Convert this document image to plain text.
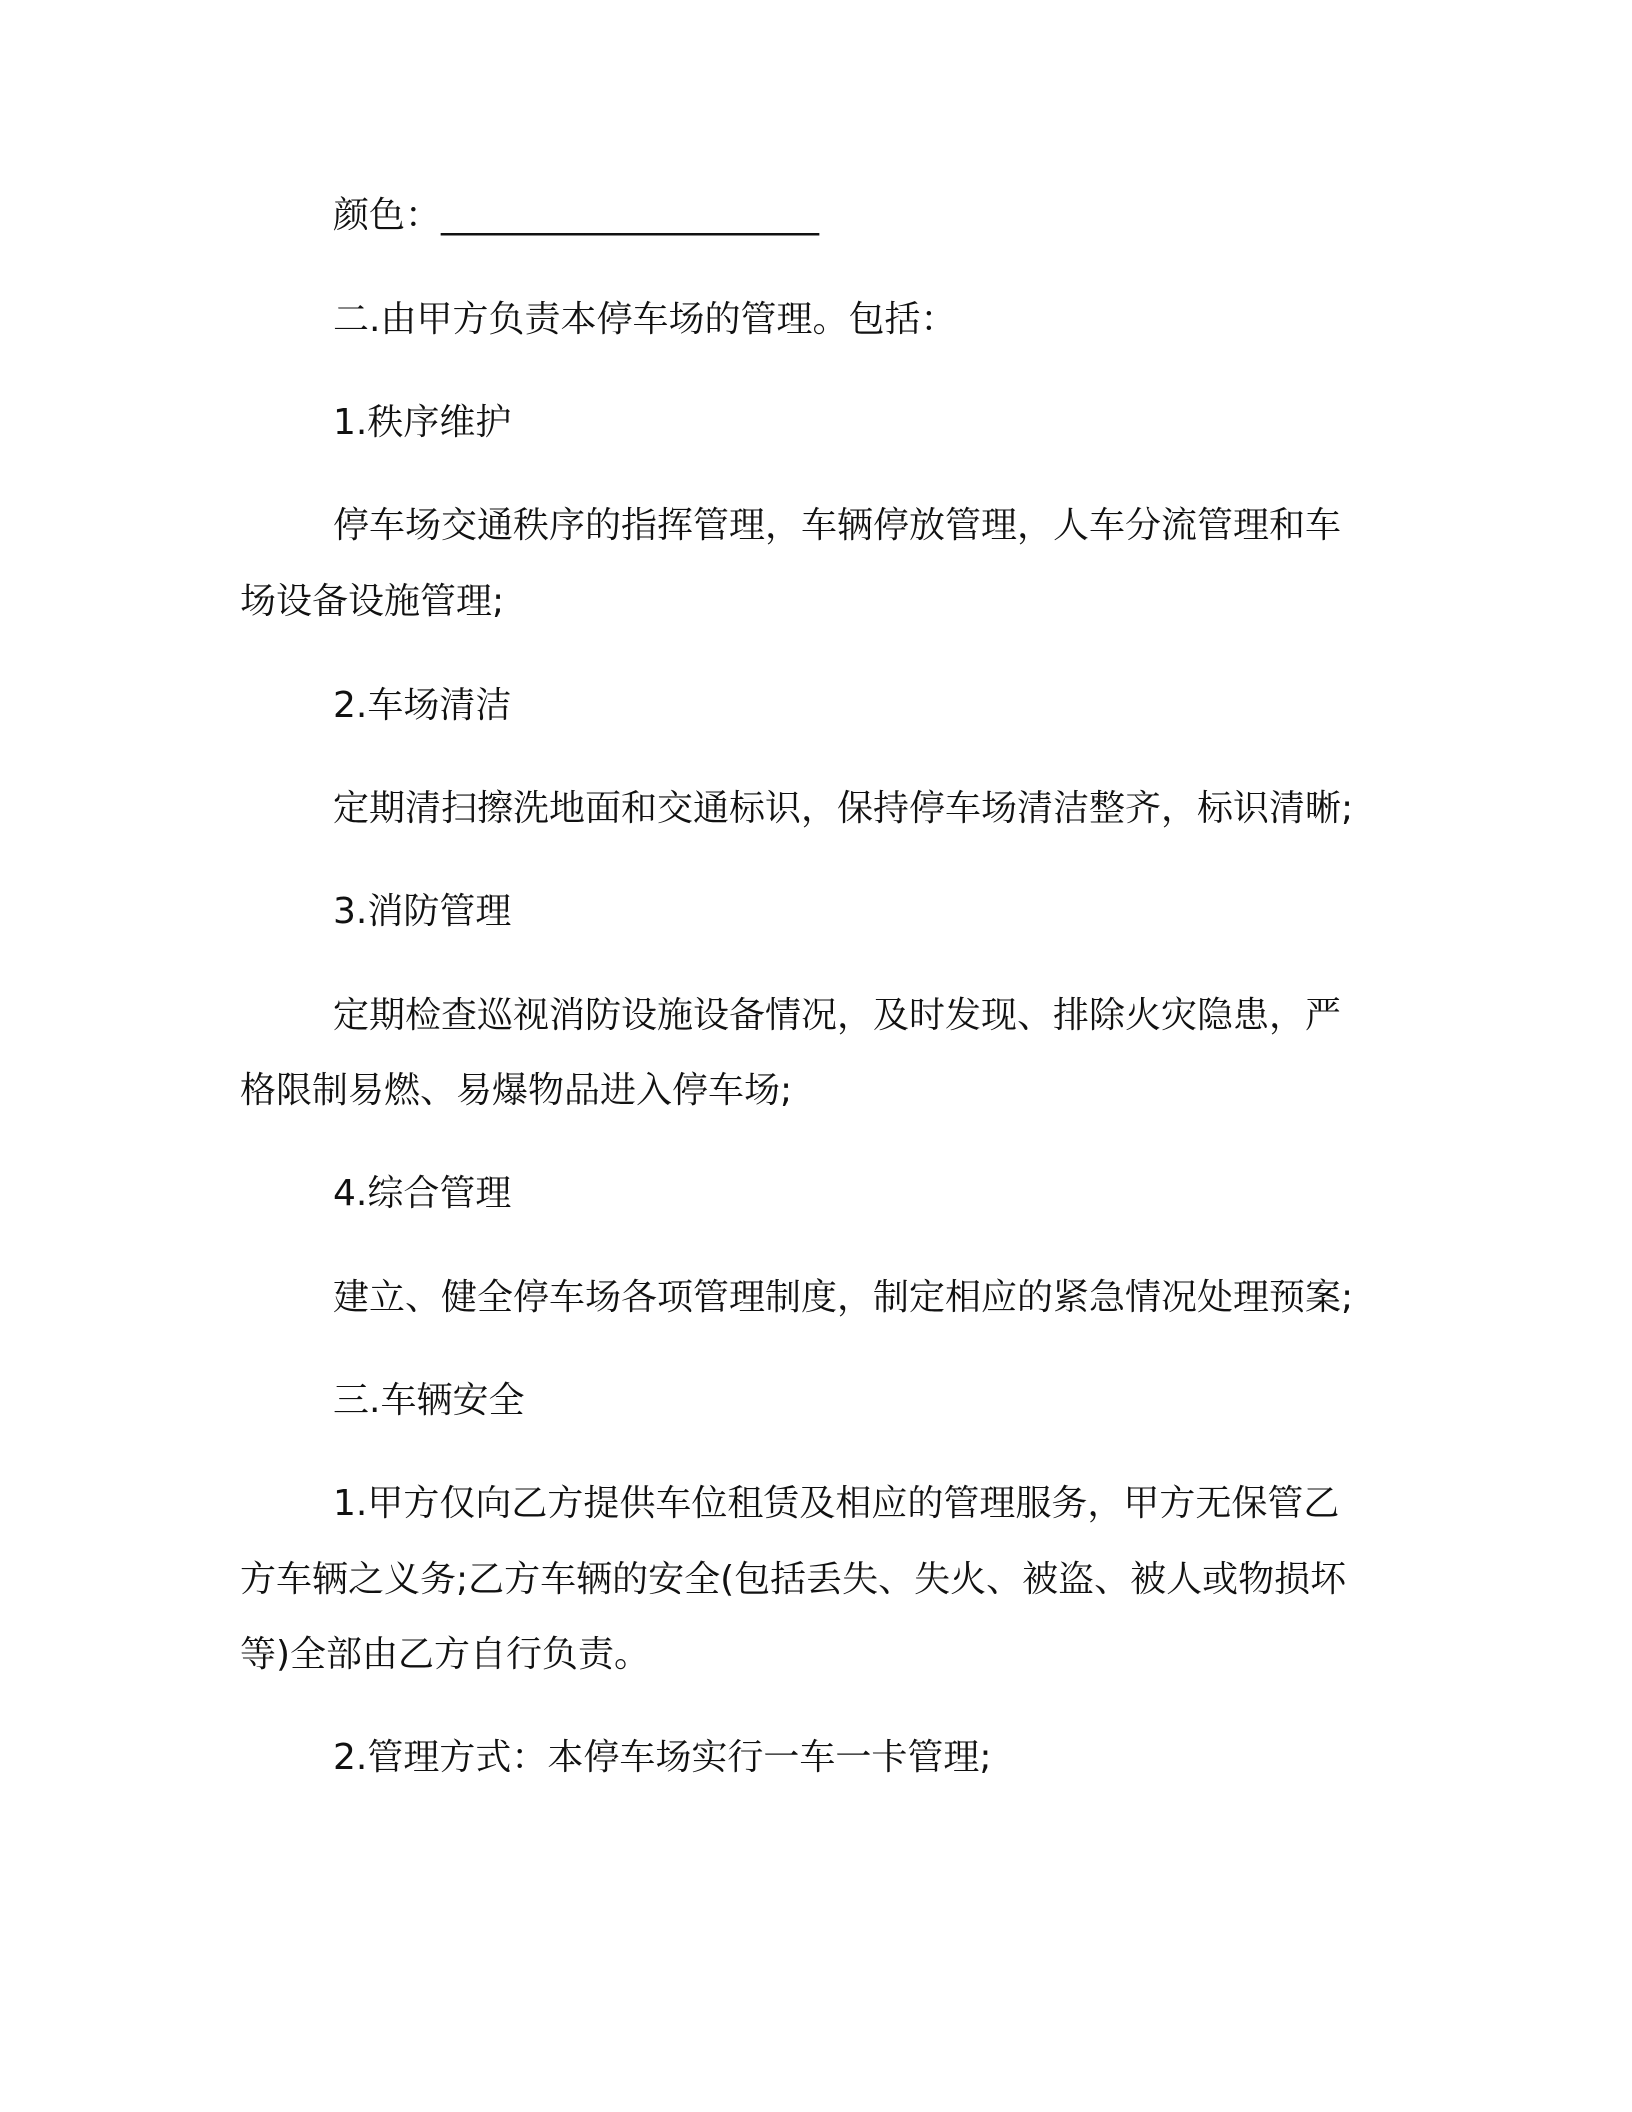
颜色：_____________________
二.由甲方负责本停车场的管理。包括：
1.秩序维护
停车场交通秩序的指挥管理，车辆停放管理，人车分流管理和车
场设备设施管理;
2.车场清洁
定期清扫擦洗地面和交通标识，保持停车场清洁整齐，标识清晰;
3.消防管理
定期检查巡视消防设施设备情况，及时发现、排除火灾隐患，严
格限制易燃、易爆物品进入停车场;
4.综合管理
建立、健全停车场各项管理制度，制定相应的紧急情况处理预案;
三.车辆安全
1.甲方仅向乙方提供车位租赁及相应的管理服务，甲方无保管乙
方车辆之义务;乙方车辆的安全(包括丢失、失火、被盗、被人或物损坏
等)全部由乙方自行负责。
2.管理方式：本停车场实行一车一卡管理;
